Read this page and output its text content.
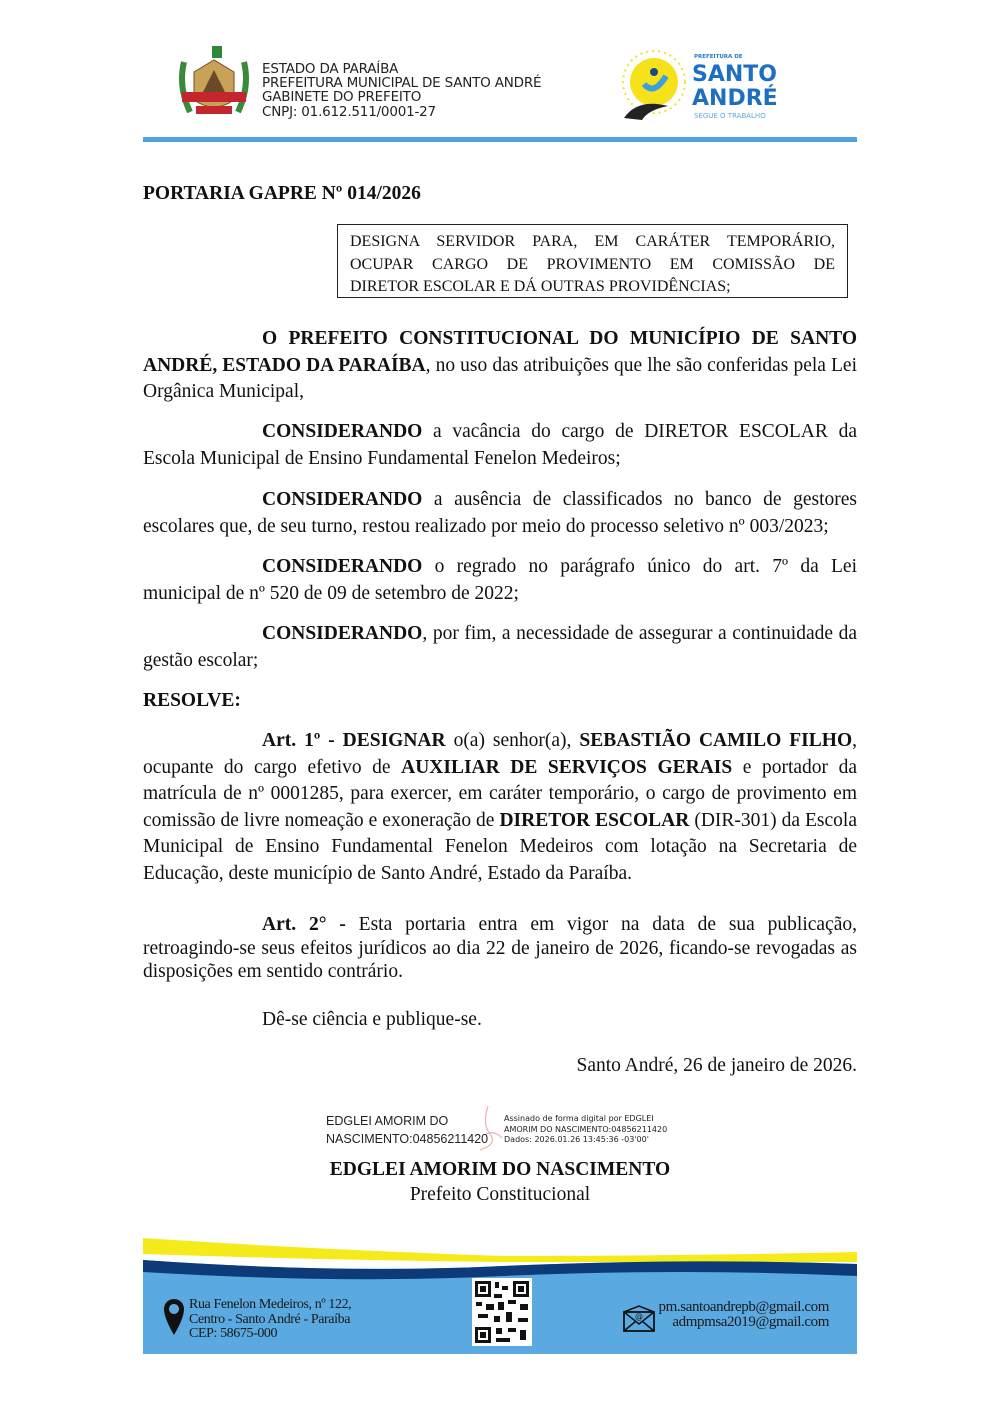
ESTADO DA PARAÍBA
PREFEITURA MUNICIPAL DE SANTO ANDRÉ
GABINETE DO PREFEITO
CNPJ: 01.612.511/0001-27
PREFEITURA DE
SANTO
ANDRÉ
SEGUE O TRABALHO
PORTARIA GAPRE Nº 014/2026
DESIGNA SERVIDOR PARA, EM CARÁTER TEMPORÁRIO,
OCUPAR CARGO DE PROVIMENTO EM COMISSÃO DE
DIRETOR ESCOLAR E DÁ OUTRAS PROVIDÊNCIAS;
O PREFEITO CONSTITUCIONAL DO MUNICÍPIO DE SANTO ANDRÉ, ESTADO DA PARAÍBA, no uso das atribuições que lhe são conferidas pela Lei Orgânica Municipal,
CONSIDERANDO a vacância do cargo de DIRETOR ESCOLAR da Escola Municipal de Ensino Fundamental Fenelon Medeiros;
CONSIDERANDO a ausência de classificados no banco de gestores escolares que, de seu turno, restou realizado por meio do processo seletivo nº 003/2023;
CONSIDERANDO o regrado no parágrafo único do art. 7º da Lei municipal de nº 520 de 09 de setembro de 2022;
CONSIDERANDO, por fim, a necessidade de assegurar a continuidade da gestão escolar;
RESOLVE:
Art. 1º - DESIGNAR o(a) senhor(a), SEBASTIÃO CAMILO FILHO, ocupante do cargo efetivo de AUXILIAR DE SERVIÇOS GERAIS e portador da matrícula de nº 0001285, para exercer, em caráter temporário, o cargo de provimento em comissão de livre nomeação e exoneração de DIRETOR ESCOLAR (DIR-301) da Escola Municipal de Ensino Fundamental Fenelon Medeiros com lotação na Secretaria de Educação, deste município de Santo André, Estado da Paraíba.
Art. 2° - Esta portaria entra em vigor na data de sua publicação, retroagindo-se seus efeitos jurídicos ao dia 22 de janeiro de 2026, ficando-se revogadas as disposições em sentido contrário.
Dê-se ciência e publique-se.
Santo André, 26 de janeiro de 2026.
EDGLEI AMORIM DO
NASCIMENTO:04856211420
Assinado de forma digital por EDGLEI
AMORIM DO NASCIMENTO:04856211420
Dados: 2026.01.26 13:45:36 -03'00'
EDGLEI AMORIM DO NASCIMENTO
Prefeito Constitucional
Rua Fenelon Medeiros, nº 122,
Centro - Santo André - Paraíba
CEP: 58675-000
@
pm.santoandrepb@gmail.com
admpmsa2019@gmail.com
